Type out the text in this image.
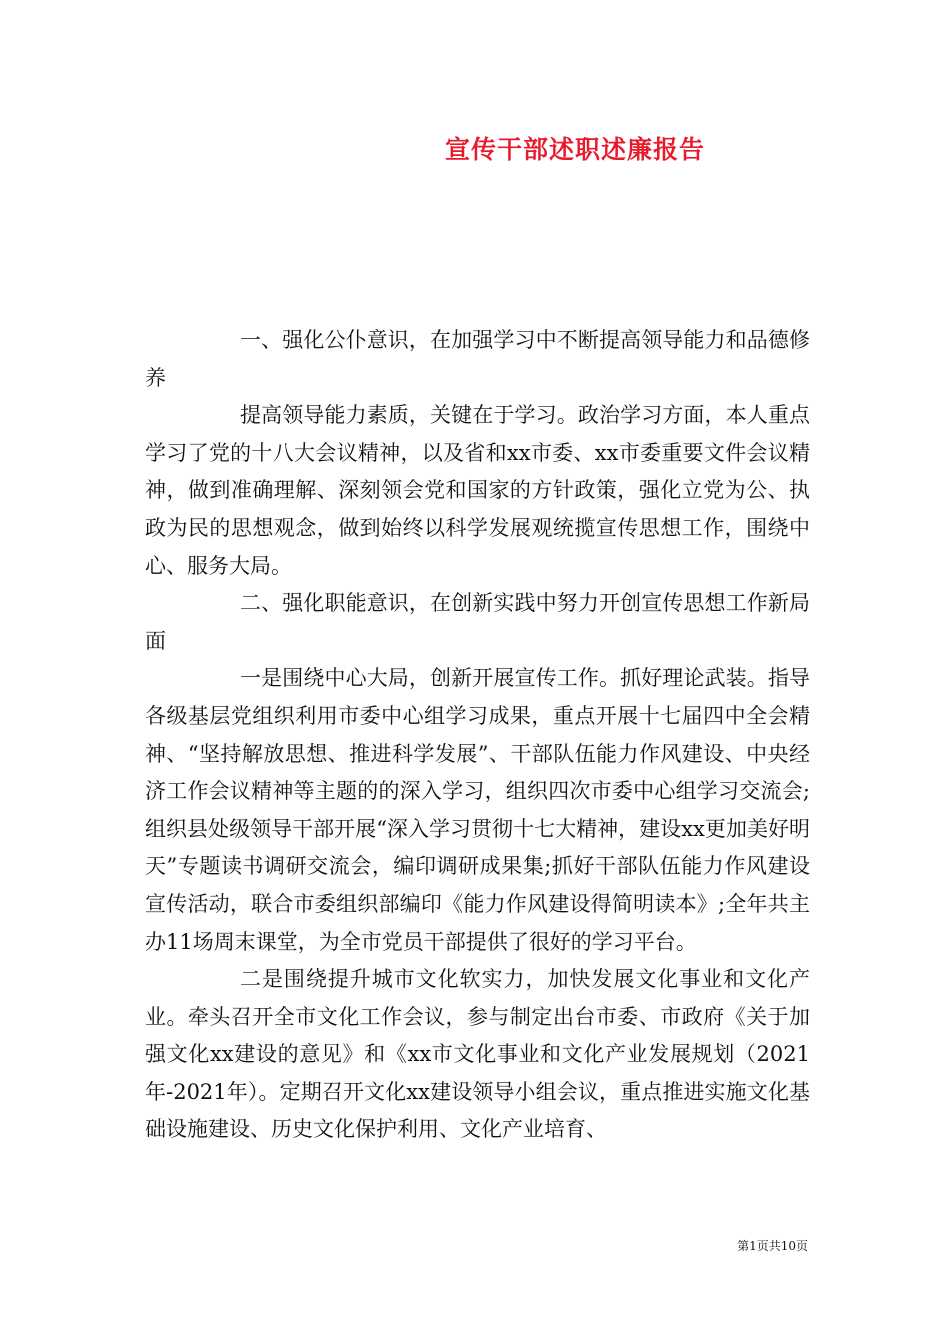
宣传干部述职述廉报告

一、强化公仆意识，在加强学习中不断提高领导能力和品德修养

提高领导能力素质，关键在于学习。政治学习方面，本人重点学习了党的十八大会议精神，以及省和xx市委、xx市委重要文件会议精神，做到准确理解、深刻领会党和国家的方针政策，强化立党为公、执政为民的思想观念，做到始终以科学发展观统揽宣传思想工作，围绕中心、服务大局。

二、强化职能意识，在创新实践中努力开创宣传思想工作新局面

一是围绕中心大局，创新开展宣传工作。抓好理论武装。指导各级基层党组织利用市委中心组学习成果，重点开展十七届四中全会精神、“坚持解放思想、推进科学发展”、干部队伍能力作风建设、中央经济工作会议精神等主题的的深入学习，组织四次市委中心组学习交流会;组织县处级领导干部开展“深入学习贯彻十七大精神，建设xx更加美好明天”专题读书调研交流会，编印调研成果集;抓好干部队伍能力作风建设宣传活动，联合市委组织部编印《能力作风建设得简明读本》;全年共主办11场周末课堂，为全市党员干部提供了很好的学习平台。

二是围绕提升城市文化软实力，加快发展文化事业和文化产业。牵头召开全市文化工作会议，参与制定出台市委、市政府《关于加强文化xx建设的意见》和《xx市文化事业和文化产业发展规划（2021年-2021年）。定期召开文化xx建设领导小组会议，重点推进实施文化基础设施建设、历史文化保护利用、文化产业培育、

第1页共10页
